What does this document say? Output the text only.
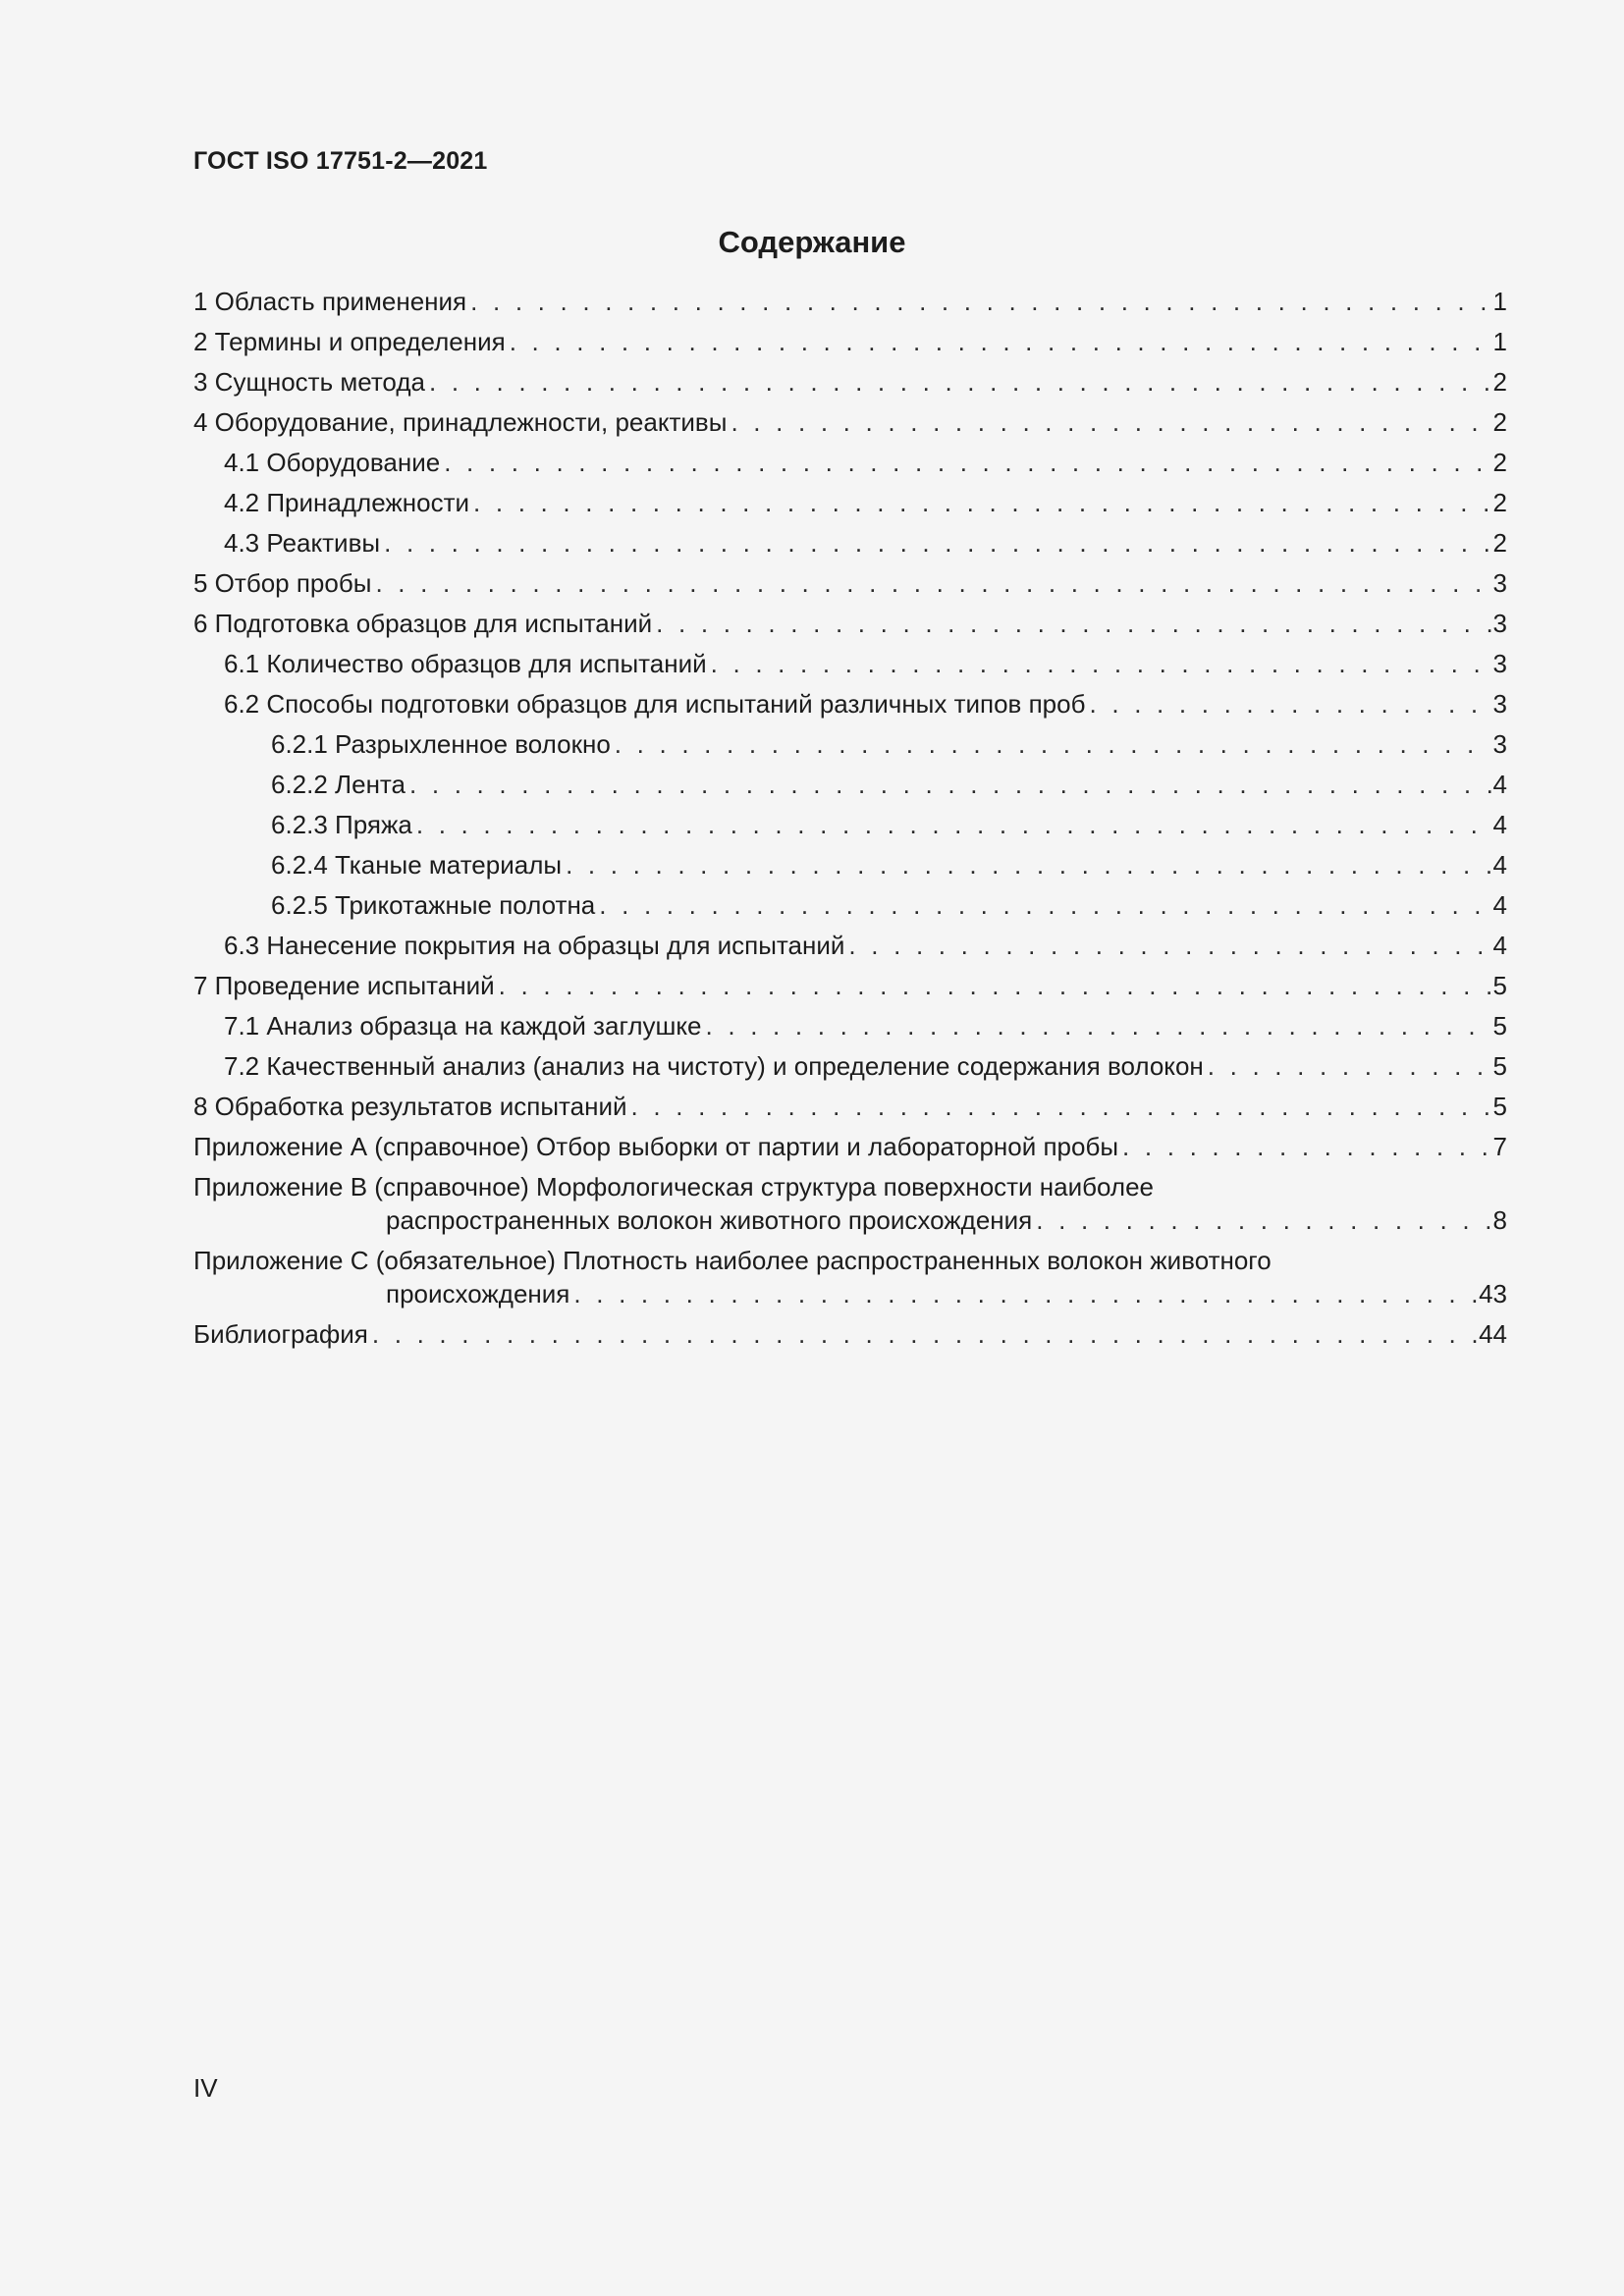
ГОСТ ISO 17751-2—2021
Содержание
1 Область применения . . .	1
2 Термины и определения . . .	1
3 Сущность метода . . .	2
4 Оборудование, принадлежности, реактивы . . .	2
4.1 Оборудование . . .	2
4.2 Принадлежности . . .	2
4.3 Реактивы . . .	2
5 Отбор пробы . . .	3
6 Подготовка образцов для испытаний . . .	3
6.1 Количество образцов для испытаний . . .	3
6.2 Способы подготовки образцов для испытаний различных типов проб . . .	3
6.2.1 Разрыхленное волокно . . .	3
6.2.2 Лента . . .	4
6.2.3 Пряжа . . .	4
6.2.4 Тканые материалы . . .	4
6.2.5 Трикотажные полотна . . .	4
6.3 Нанесение покрытия на образцы для испытаний . . .	4
7 Проведение испытаний . . .	5
7.1 Анализ образца на каждой заглушке . . .	5
7.2 Качественный анализ (анализ на чистоту) и определение содержания волокон . . .	5
8 Обработка результатов испытаний . . .	5
Приложение А (справочное) Отбор выборки от партии и лабораторной пробы . . .	7
Приложение В (справочное) Морфологическая структура поверхности наиболее
распространенных волокон животного происхождения . . .	8
Приложение С (обязательное) Плотность наиболее распространенных волокон животного
происхождения . . .	43
Библиография . . .	44
IV
